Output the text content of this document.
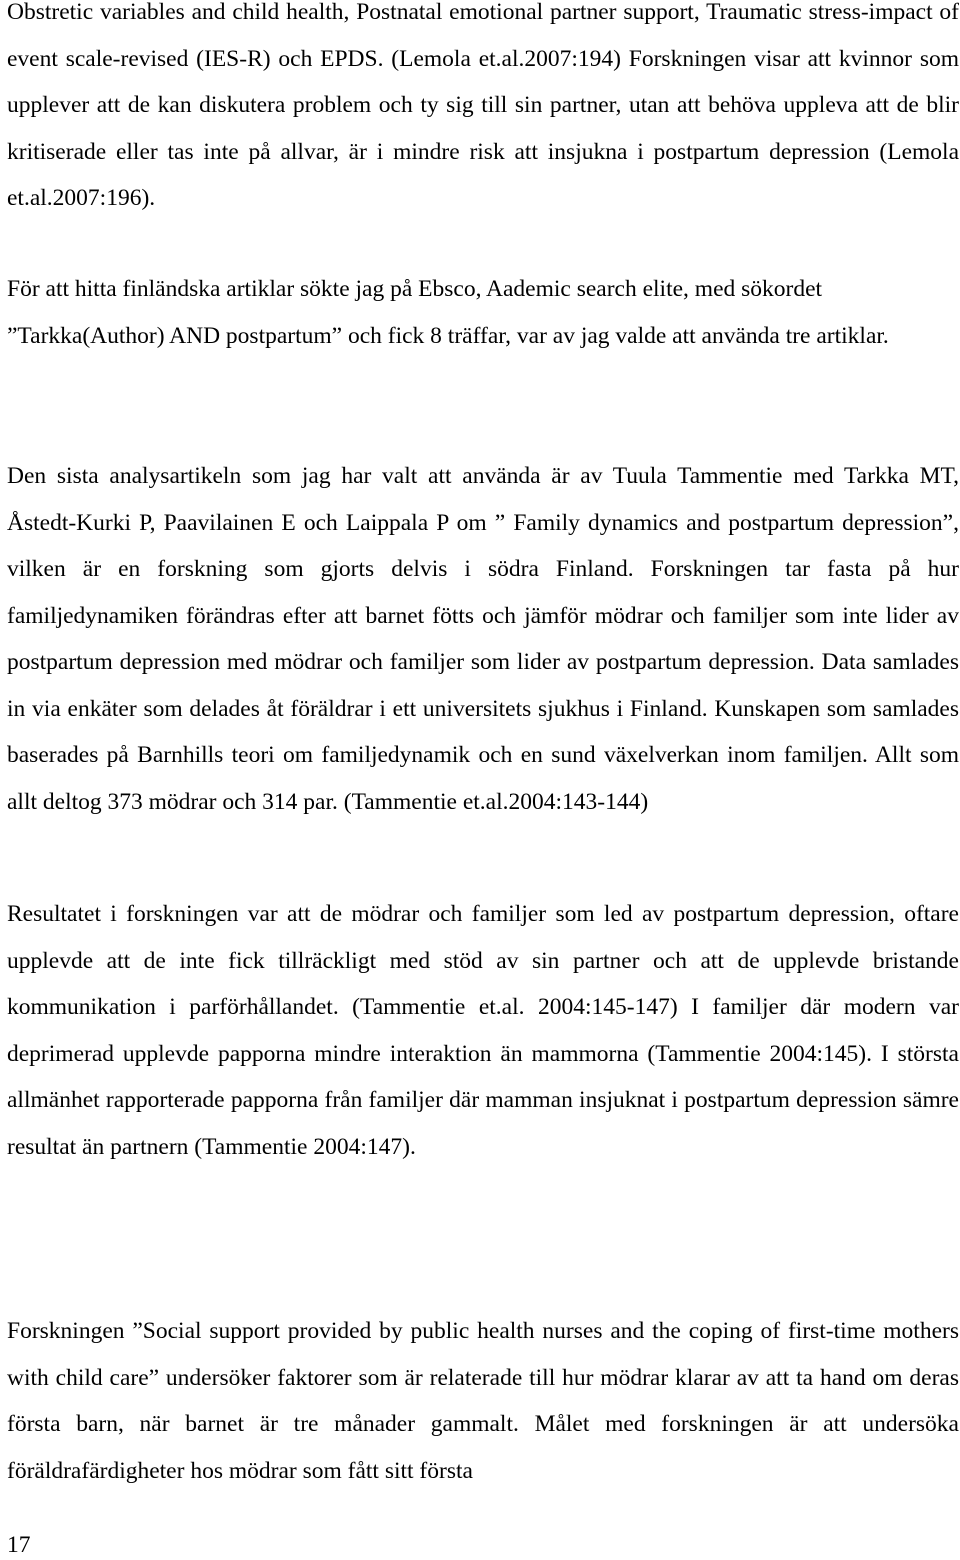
Obstretic variables and child health, Postnatal emotional partner support, Traumatic stress-impact of event scale-revised (IES-R) och EPDS. (Lemola et.al.2007:194) Forskningen visar att kvinnor som upplever att de kan diskutera problem och ty sig till sin partner, utan att behöva uppleva att de blir kritiserade eller tas inte på allvar, är i mindre risk att insjukna i postpartum depression (Lemola et.al.2007:196).

För att hitta finländska artiklar sökte jag på Ebsco, Aademic search elite, med sökordet ”Tarkka(Author) AND postpartum” och fick 8 träffar, var av jag valde att använda tre artiklar.

Den sista analysartikeln som jag har valt att använda är av Tuula Tammentie med Tarkka MT, Åstedt-Kurki P, Paavilainen E och Laippala P om ” Family dynamics and postpartum depression”, vilken är en forskning som gjorts delvis i södra Finland. Forskningen tar fasta på hur familjedynamiken förändras efter att barnet fötts och jämför mödrar och familjer som inte lider av postpartum depression med mödrar och familjer som lider av postpartum depression. Data samlades in via enkäter som delades åt föräldrar i ett universitets sjukhus i Finland. Kunskapen som samlades baserades på Barnhills teori om familjedynamik och en sund växelverkan inom familjen. Allt som allt deltog 373 mödrar och 314 par. (Tammentie et.al.2004:143-144)

Resultatet i forskningen var att de mödrar och familjer som led av postpartum depression, oftare upplevde att de inte fick tillräckligt med stöd av sin partner och att de upplevde bristande kommunikation i parförhållandet. (Tammentie et.al. 2004:145-147) I familjer där modern var deprimerad upplevde papporna mindre interaktion än mammorna (Tammentie 2004:145). I största allmänhet rapporterade papporna från familjer där mamman insjuknat i postpartum depression sämre resultat än partnern (Tammentie 2004:147).

Forskningen ”Social support provided by public health nurses and the coping of first-time mothers with child care” undersöker faktorer som är relaterade till hur mödrar klarar av att ta hand om deras första barn, när barnet är tre månader gammalt. Målet med forskningen är att undersöka föräldrafärdigheter hos mödrar som fått sitt första

17
